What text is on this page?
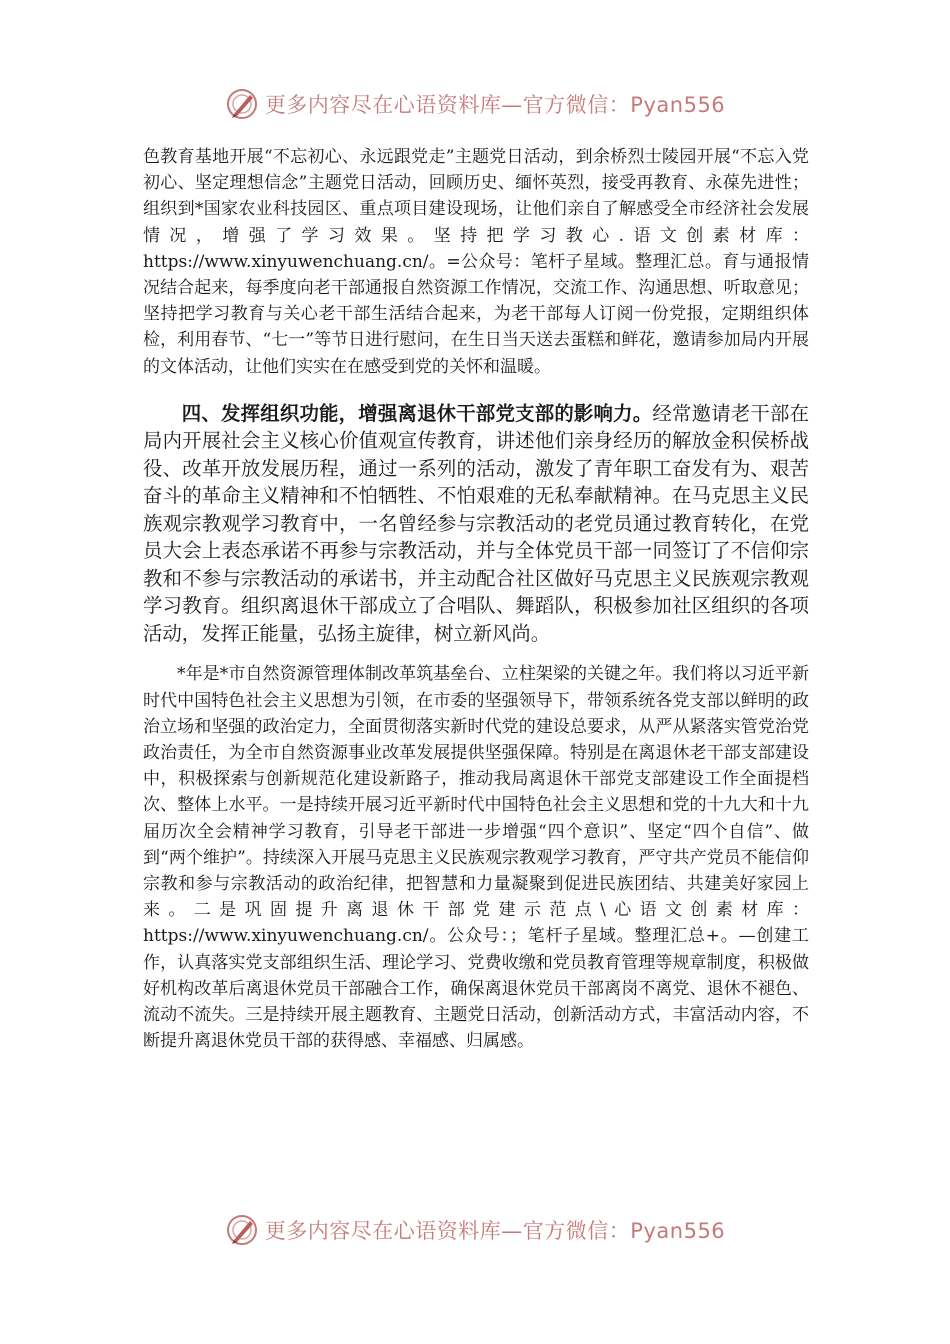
更多内容尽在心语资料库—官方微信：Pyan556

色教育基地开展“不忘初心、永远跟党走”主题党日活动，到余桥烈士陵园开展“不忘入党初心、坚定理想信念”主题党日活动，回顾历史、缅怀英烈，接受再教育、永葆先进性；组织到*国家农业科技园区、重点项目建设现场，让他们亲自了解感受全市经济社会发展情况，增强了学习效果。坚持把学习教心.语文创素材库：https://www.xinyuwenchuang.cn/。=公众号：笔杆子星域。整理汇总。育与通报情况结合起来，每季度向老干部通报自然资源工作情况，交流工作、沟通思想、听取意见；坚持把学习教育与关心老干部生活结合起来，为老干部每人订阅一份党报，定期组织体检，利用春节、“七一”等节日进行慰问，在生日当天送去蛋糕和鲜花，邀请参加局内开展的文体活动，让他们实实在在感受到党的关怀和温暖。

四、发挥组织功能，增强离退休干部党支部的影响力。经常邀请老干部在局内开展社会主义核心价值观宣传教育，讲述他们亲身经历的解放金积侯桥战役、改革开放发展历程，通过一系列的活动，激发了青年职工奋发有为、艰苦奋斗的革命主义精神和不怕牺牲、不怕艰难的无私奉献精神。在马克思主义民族观宗教观学习教育中，一名曾经参与宗教活动的老党员通过教育转化，在党员大会上表态承诺不再参与宗教活动，并与全体党员干部一同签订了不信仰宗教和不参与宗教活动的承诺书，并主动配合社区做好马克思主义民族观宗教观学习教育。组织离退休干部成立了合唱队、舞蹈队，积极参加社区组织的各项活动，发挥正能量，弘扬主旋律，树立新风尚。

*年是*市自然资源管理体制改革筑基垒台、立柱架梁的关键之年。我们将以习近平新时代中国特色社会主义思想为引领，在市委的坚强领导下，带领系统各党支部以鲜明的政治立场和坚强的政治定力，全面贯彻落实新时代党的建设总要求，从严从紧落实管党治党政治责任，为全市自然资源事业改革发展提供坚强保障。特别是在离退休老干部支部建设中，积极探索与创新规范化建设新路子，推动我局离退休干部党支部建设工作全面提档次、整体上水平。一是持续开展习近平新时代中国特色社会主义思想和党的十九大和十九届历次全会精神学习教育，引导老干部进一步增强“四个意识”、坚定“四个自信”、做到“两个维护”。持续深入开展马克思主义民族观宗教观学习教育，严守共产党员不能信仰宗教和参与宗教活动的政治纪律，把智慧和力量凝聚到促进民族团结、共建美好家园上来。二是巩固提升离退休干部党建示范点\心语文创素材库：https://www.xinyuwenchuang.cn/。公众号：；笔杆子星域。整理汇总+。—创建工作，认真落实党支部组织生活、理论学习、党费收缴和党员教育管理等规章制度，积极做好机构改革后离退休党员干部融合工作，确保离退休党员干部离岗不离党、退休不褪色、流动不流失。三是持续开展主题教育、主题党日活动，创新活动方式，丰富活动内容，不断提升离退休党员干部的获得感、幸福感、归属感。

更多内容尽在心语资料库—官方微信：Pyan556
